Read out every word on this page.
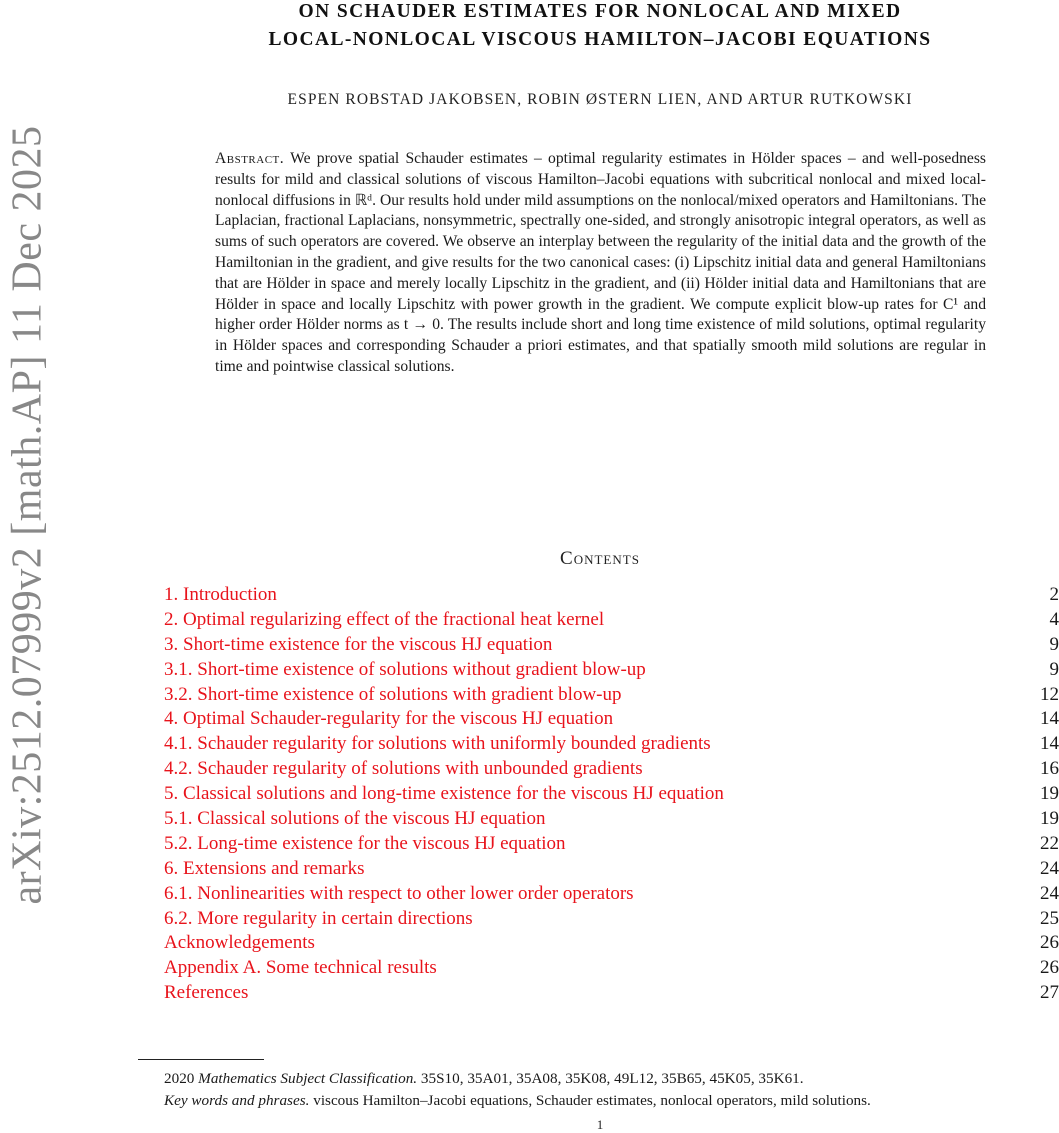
arXiv:2512.07999v2 [math.AP] 11 Dec 2025
ON SCHAUDER ESTIMATES FOR NONLOCAL AND MIXED
LOCAL-NONLOCAL VISCOUS HAMILTON–JACOBI EQUATIONS
ESPEN ROBSTAD JAKOBSEN, ROBIN ØSTERN LIEN, AND ARTUR RUTKOWSKI
Abstract. We prove spatial Schauder estimates – optimal regularity estimates in Hölder spaces – and well-posedness results for mild and classical solutions of viscous Hamilton–Jacobi equations with subcritical nonlocal and mixed local-nonlocal diffusions in ℝᵈ. Our results hold under mild assumptions on the nonlocal/mixed operators and Hamiltonians. The Laplacian, fractional Laplacians, nonsymmetric, spectrally one-sided, and strongly anisotropic integral operators, as well as sums of such operators are covered. We observe an interplay between the regularity of the initial data and the growth of the Hamiltonian in the gradient, and give results for the two canonical cases: (i) Lipschitz initial data and general Hamiltonians that are Hölder in space and merely locally Lipschitz in the gradient, and (ii) Hölder initial data and Hamiltonians that are Hölder in space and locally Lipschitz with power growth in the gradient. We compute explicit blow-up rates for C¹ and higher order Hölder norms as t → 0. The results include short and long time existence of mild solutions, optimal regularity in Hölder spaces and corresponding Schauder a priori estimates, and that spatially smooth mild solutions are regular in time and pointwise classical solutions.
Contents
1. Introduction	2
2. Optimal regularizing effect of the fractional heat kernel	4
3. Short-time existence for the viscous HJ equation	9
3.1. Short-time existence of solutions without gradient blow-up	9
3.2. Short-time existence of solutions with gradient blow-up	12
4. Optimal Schauder-regularity for the viscous HJ equation	14
4.1. Schauder regularity for solutions with uniformly bounded gradients	14
4.2. Schauder regularity of solutions with unbounded gradients	16
5. Classical solutions and long-time existence for the viscous HJ equation	19
5.1. Classical solutions of the viscous HJ equation	19
5.2. Long-time existence for the viscous HJ equation	22
6. Extensions and remarks	24
6.1. Nonlinearities with respect to other lower order operators	24
6.2. More regularity in certain directions	25
Acknowledgements	26
Appendix A. Some technical results	26
References	27
2020 Mathematics Subject Classification. 35S10, 35A01, 35A08, 35K08, 49L12, 35B65, 45K05, 35K61.
Key words and phrases. viscous Hamilton–Jacobi equations, Schauder estimates, nonlocal operators, mild solutions.
1
